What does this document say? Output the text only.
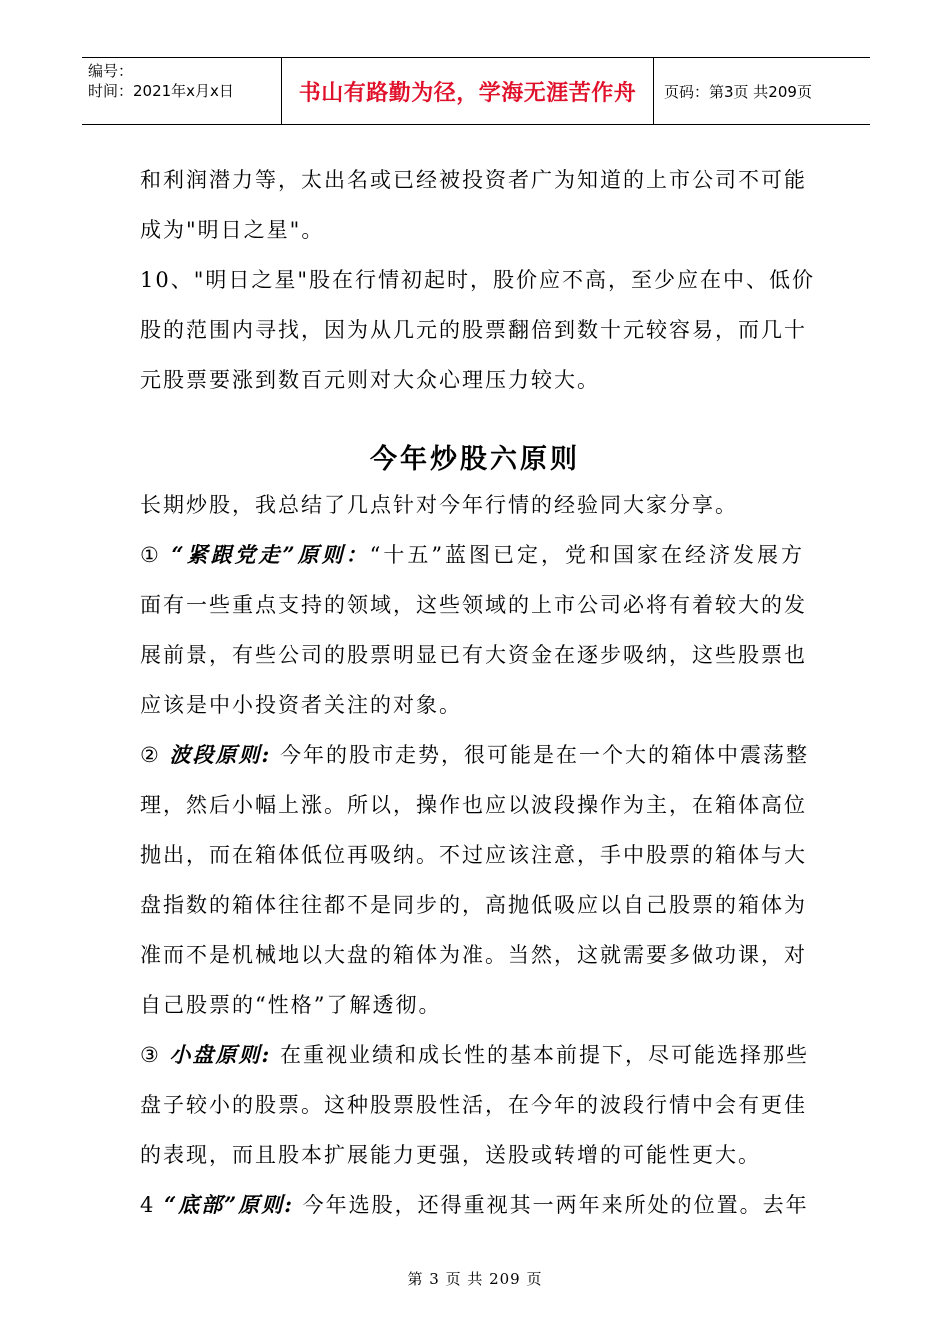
编号：
时间：2021年x月x日	书山有路勤为径，学海无涯苦作舟	页码：第3页 共209页
和利润潜力等，太出名或已经被投资者广为知道的上市公司不可能
成为"明日之星"。
10、"明日之星"股在行情初起时，股价应不高，至少应在中、低价
股的范围内寻找，因为从几元的股票翻倍到数十元较容易，而几十
元股票要涨到数百元则对大众心理压力较大。
今年炒股六原则
长期炒股，我总结了几点针对今年行情的经验同大家分享。
① “紧跟党走”原则：“十五”蓝图已定，党和国家在经济发展方
面有一些重点支持的领域，这些领域的上市公司必将有着较大的发
展前景，有些公司的股票明显已有大资金在逐步吸纳，这些股票也
应该是中小投资者关注的对象。
② 波段原则: 今年的股市走势，很可能是在一个大的箱体中震荡整
理，然后小幅上涨。所以，操作也应以波段操作为主，在箱体高位
抛出，而在箱体低位再吸纳。不过应该注意，手中股票的箱体与大
盘指数的箱体往往都不是同步的，高抛低吸应以自己股票的箱体为
准而不是机械地以大盘的箱体为准。当然，这就需要多做功课，对
自己股票的“性格”了解透彻。
③ 小盘原则: 在重视业绩和成长性的基本前提下，尽可能选择那些
盘子较小的股票。这种股票股性活，在今年的波段行情中会有更佳
的表现，而且股本扩展能力更强，送股或转增的可能性更大。
4 “底部”原则: 今年选股，还得重视其一两年来所处的位置。去年
第 3 页 共 209 页
